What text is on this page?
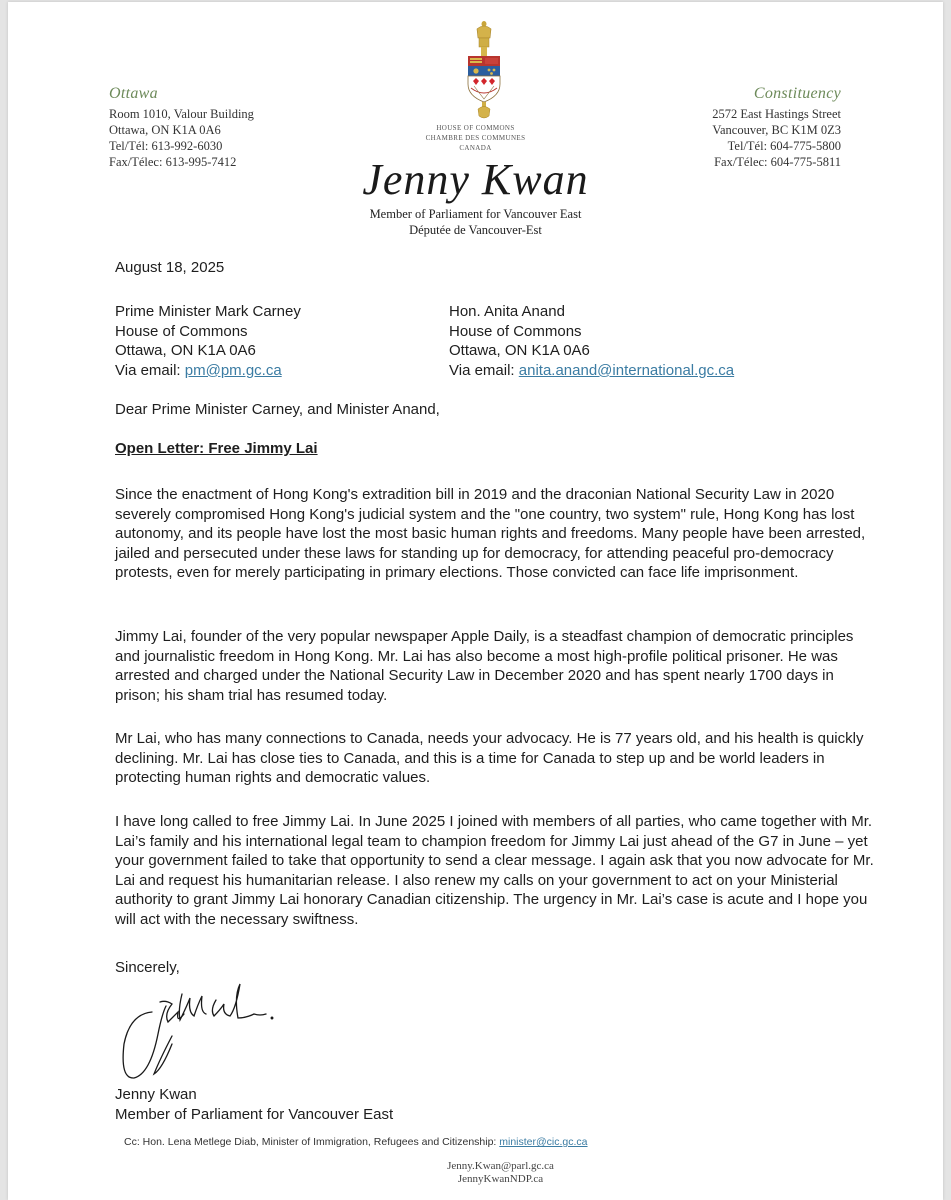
Ottawa
Room 1010, Valour Building
Ottawa, ON K1A 0A6
Tel/Tél: 613-992-6030
Fax/Télec: 613-995-7412
HOUSE OF COMMONS
CHAMBRE DES COMMUNES
CANADA
Jenny Kwan
Member of Parliament for Vancouver East
Députée de Vancouver-Est
Constituency
2572 East Hastings Street
Vancouver, BC K1M 0Z3
Tel/Tél: 604-775-5800
Fax/Télec: 604-775-5811
August 18, 2025
Prime Minister Mark Carney
House of Commons
Ottawa, ON K1A 0A6
Via email: pm@pm.gc.ca
Hon. Anita Anand
House of Commons
Ottawa, ON K1A 0A6
Via email: anita.anand@international.gc.ca
Dear Prime Minister Carney, and Minister Anand,
Open Letter: Free Jimmy Lai
Since the enactment of Hong Kong's extradition bill in 2019 and the draconian National Security Law in 2020 severely compromised Hong Kong's judicial system and the "one country, two system" rule, Hong Kong has lost autonomy, and its people have lost the most basic human rights and freedoms. Many people have been arrested, jailed and persecuted under these laws for standing up for democracy, for attending peaceful pro-democracy protests, even for merely participating in primary elections. Those convicted can face life imprisonment.
Jimmy Lai, founder of the very popular newspaper Apple Daily, is a steadfast champion of democratic principles and journalistic freedom in Hong Kong. Mr. Lai has also become a most high-profile political prisoner. He was arrested and charged under the National Security Law in December 2020 and has spent nearly 1700 days in prison; his sham trial has resumed today.
Mr Lai, who has many connections to Canada, needs your advocacy. He is 77 years old, and his health is quickly declining. Mr. Lai has close ties to Canada, and this is a time for Canada to step up and be world leaders in protecting human rights and democratic values.
I have long called to free Jimmy Lai. In June 2025 I joined with members of all parties, who came together with Mr. Lai’s family and his international legal team to champion freedom for Jimmy Lai just ahead of the G7 in June – yet your government failed to take that opportunity to send a clear message. I again ask that you now advocate for Mr. Lai and request his humanitarian release. I also renew my calls on your government to act on your Ministerial authority to grant Jimmy Lai honorary Canadian citizenship. The urgency in Mr. Lai’s case is acute and I hope you will act with the necessary swiftness.
Sincerely,
Jenny Kwan
Member of Parliament for Vancouver East
Cc: Hon. Lena Metlege Diab, Minister of Immigration, Refugees and Citizenship: minister@cic.gc.ca
Jenny.Kwan@parl.gc.ca
JennyKwanNDP.ca
